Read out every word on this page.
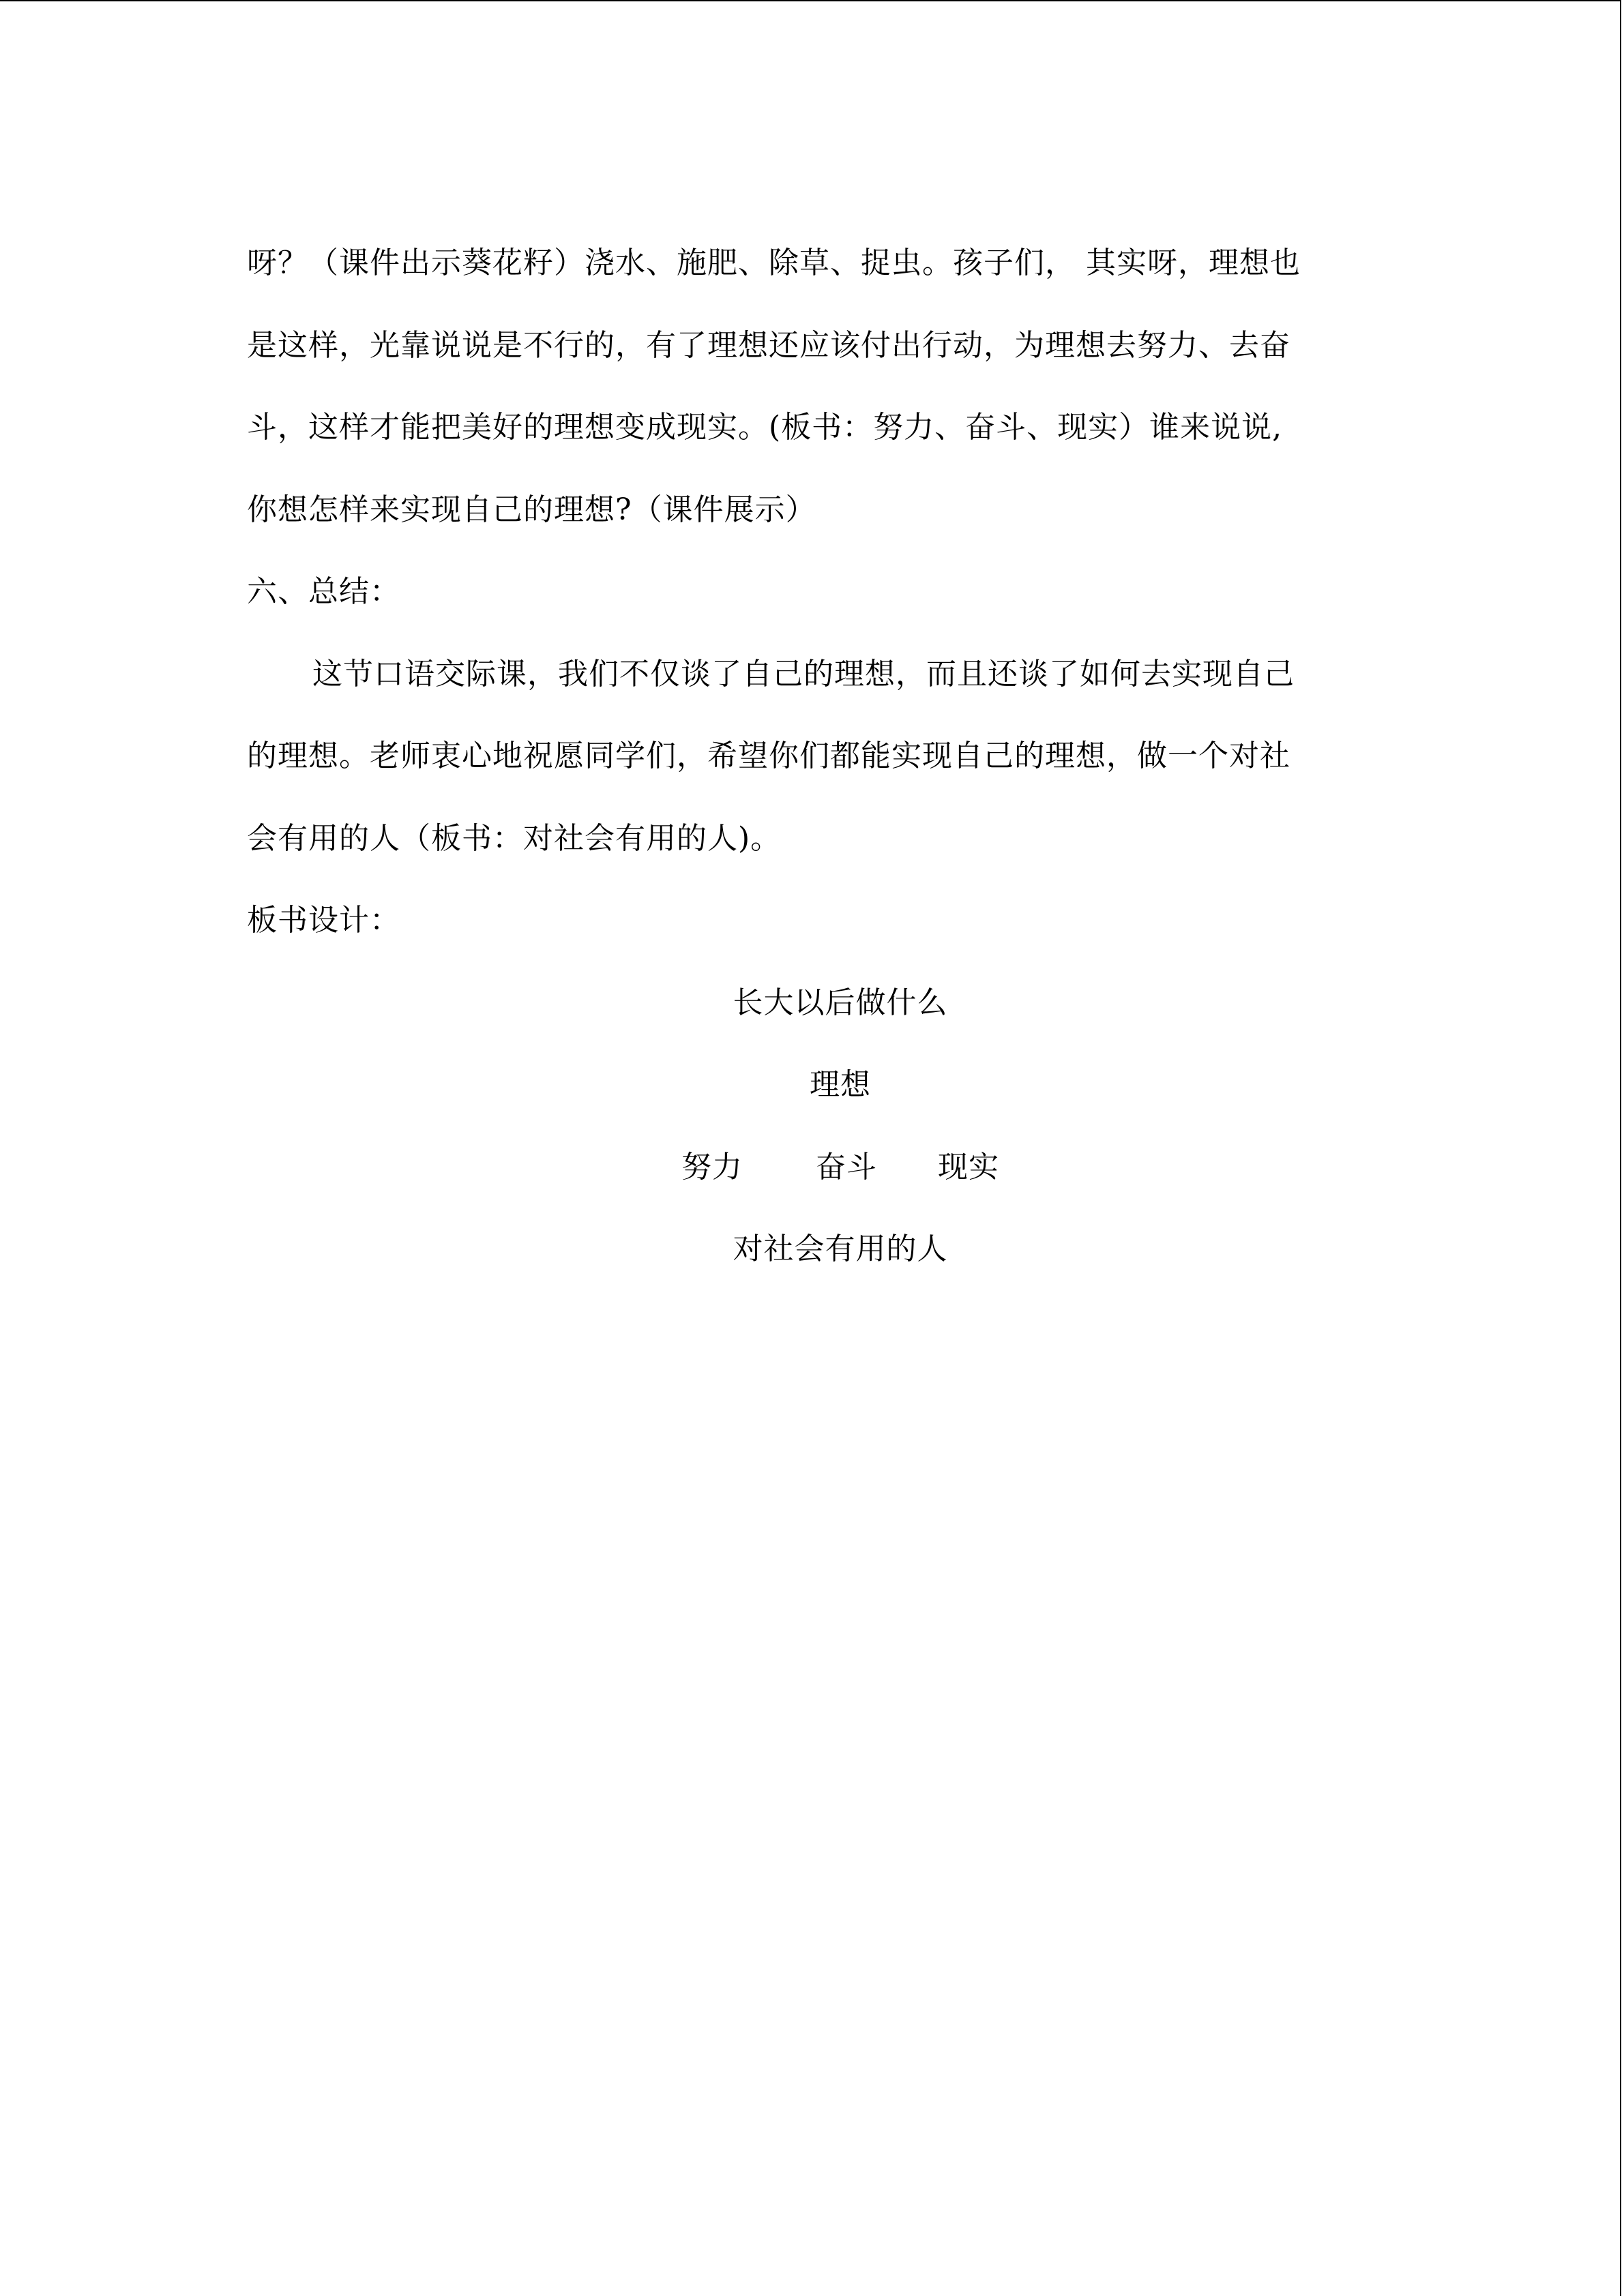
呀？（课件出示葵花籽）浇水、施肥、除草、捉虫。孩子们， 其实呀，理想也
是这样，光靠说说是不行的，有了理想还应该付出行动，为理想去努力、去奋
斗，这样才能把美好的理想变成现实。(板书：努力、奋斗、现实）谁来说说,
你想怎样来实现自己的理想?（课件展示）
六、总结：
这节口语交际课，我们不仅谈了自己的理想，而且还谈了如何去实现自己
的理想。老师衷心地祝愿同学们，希望你们都能实现自己的理想，做一个对社
会有用的人（板书：对社会有用的人)。
板书设计：
长大以后做什么
理想
努力 奋斗 现实
对社会有用的人
